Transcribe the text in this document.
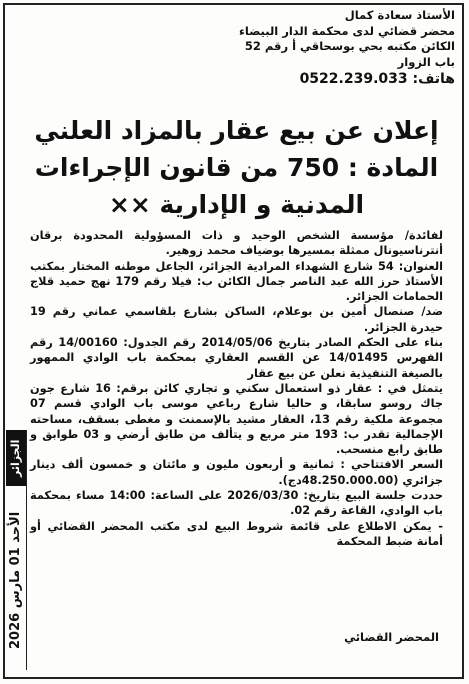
الأستاذ سعادة كمال
محضر قضائي لدى محكمة الدار البيضاء
الكائن مكتبه بحي بوسحاقي أ رقم 52
باب الزوار
هاتف: 0522.239.033
إعلان عن بيع عقار بالمزاد العلني
المادة : 750 من قانون الإجراءات
المدنية و الإدارية ××

لفائدة/ مؤسسة الشخص الوحيد و ذات المسؤولية المحدودة برقان أنترناسيونال ممثلة بمسيرها بوضياف محمد زوهير.

العنوان: 54 شارع الشهداء المرادية الجزائر، الجاعل موطنه المختار بمكتب الأستاذ حرز الله عبد الناصر جمال الكائن ب: فيلا رقم 179 نهج حميد قلاج الحمامات الجزائر.

ضد/ صنصال أمين بن بوعلام، الساكن بشارع بلقاسمي عماني رقم 19 حيدرة الجزائر.

بناء على الحكم الصادر بتاريخ 2014/05/06 رقم الجدول: 14/00160 رقم الفهرس 14/01495 عن القسم العقاري بمحكمة باب الوادي الممهور بالصيغة التنفيذية نعلن عن بيع عقار

يتمثل في : عقار ذو استعمال سكني و تجاري كائن برقم: 16 شارع جون جاك روسو سابقا، و حاليا شارع رباعي موسى باب الوادي قسم 07 مجموعة ملكية رقم 13، العقار مشيد بالإسمنت و مغطى بسقف، مساحته الإجمالية تقدر ب: 193 متر مربع و يتألف من طابق أرضي و 03 طوابق و طابق رابع منسحب.

السعر الافتتاحي : ثمانية و أربعون مليون و مائتان و خمسون ألف دينار جزائري (48.250.000.00دج).

حددت جلسة البيع بتاريخ: 2026/03/30 على الساعة: 14:00 مساء بمحكمة باب الوادي، القاعة رقم 02.

- يمكن الاطلاع على قائمة شروط البيع لدى مكتب المحضر القضائي أو أمانة ضبط المحكمة

المحضر القضائي
الجزائر
الأحد 01 مارس 2026
